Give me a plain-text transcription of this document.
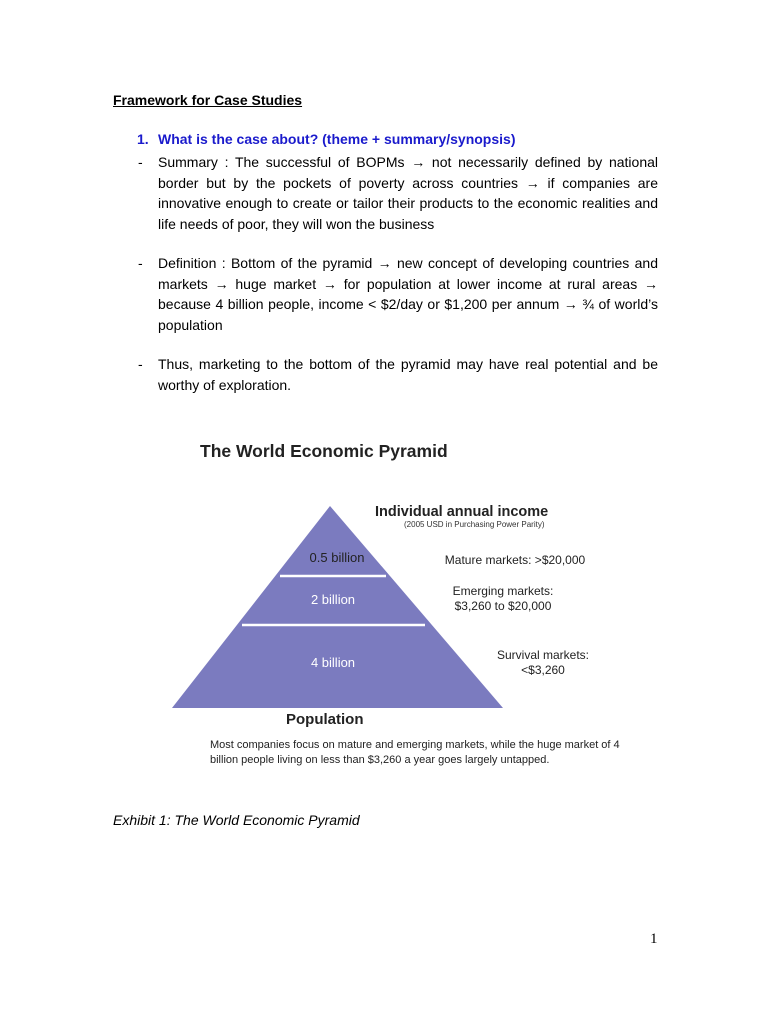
Framework for Case Studies
1. What is the case about? (theme + summary/synopsis)
- Summary : The successful of BOPMs → not necessarily defined by national border but by the pockets of poverty across countries → if companies are innovative enough to create or tailor their products to the economic realities and life needs of poor, they will won the business
- Definition : Bottom of the pyramid → new concept of developing countries and markets → huge market → for population at lower income at rural areas → because 4 billion people, income < $2/day or $1,200 per annum → ¾ of world’s population
- Thus, marketing to the bottom of the pyramid may have real potential and be worthy of exploration.
The World Economic Pyramid
0.5 billion
2 billion
4 billion
Individual annual income
(2005 USD in Purchasing Power Parity)
Mature markets: >$20,000
Emerging markets:
$3,260 to $20,000
Survival markets:
<$3,260
Population
Most companies focus on mature and emerging markets, while the huge market of 4 billion people living on less than $3,260 a year goes largely untapped.
Exhibit 1: The World Economic Pyramid
1
